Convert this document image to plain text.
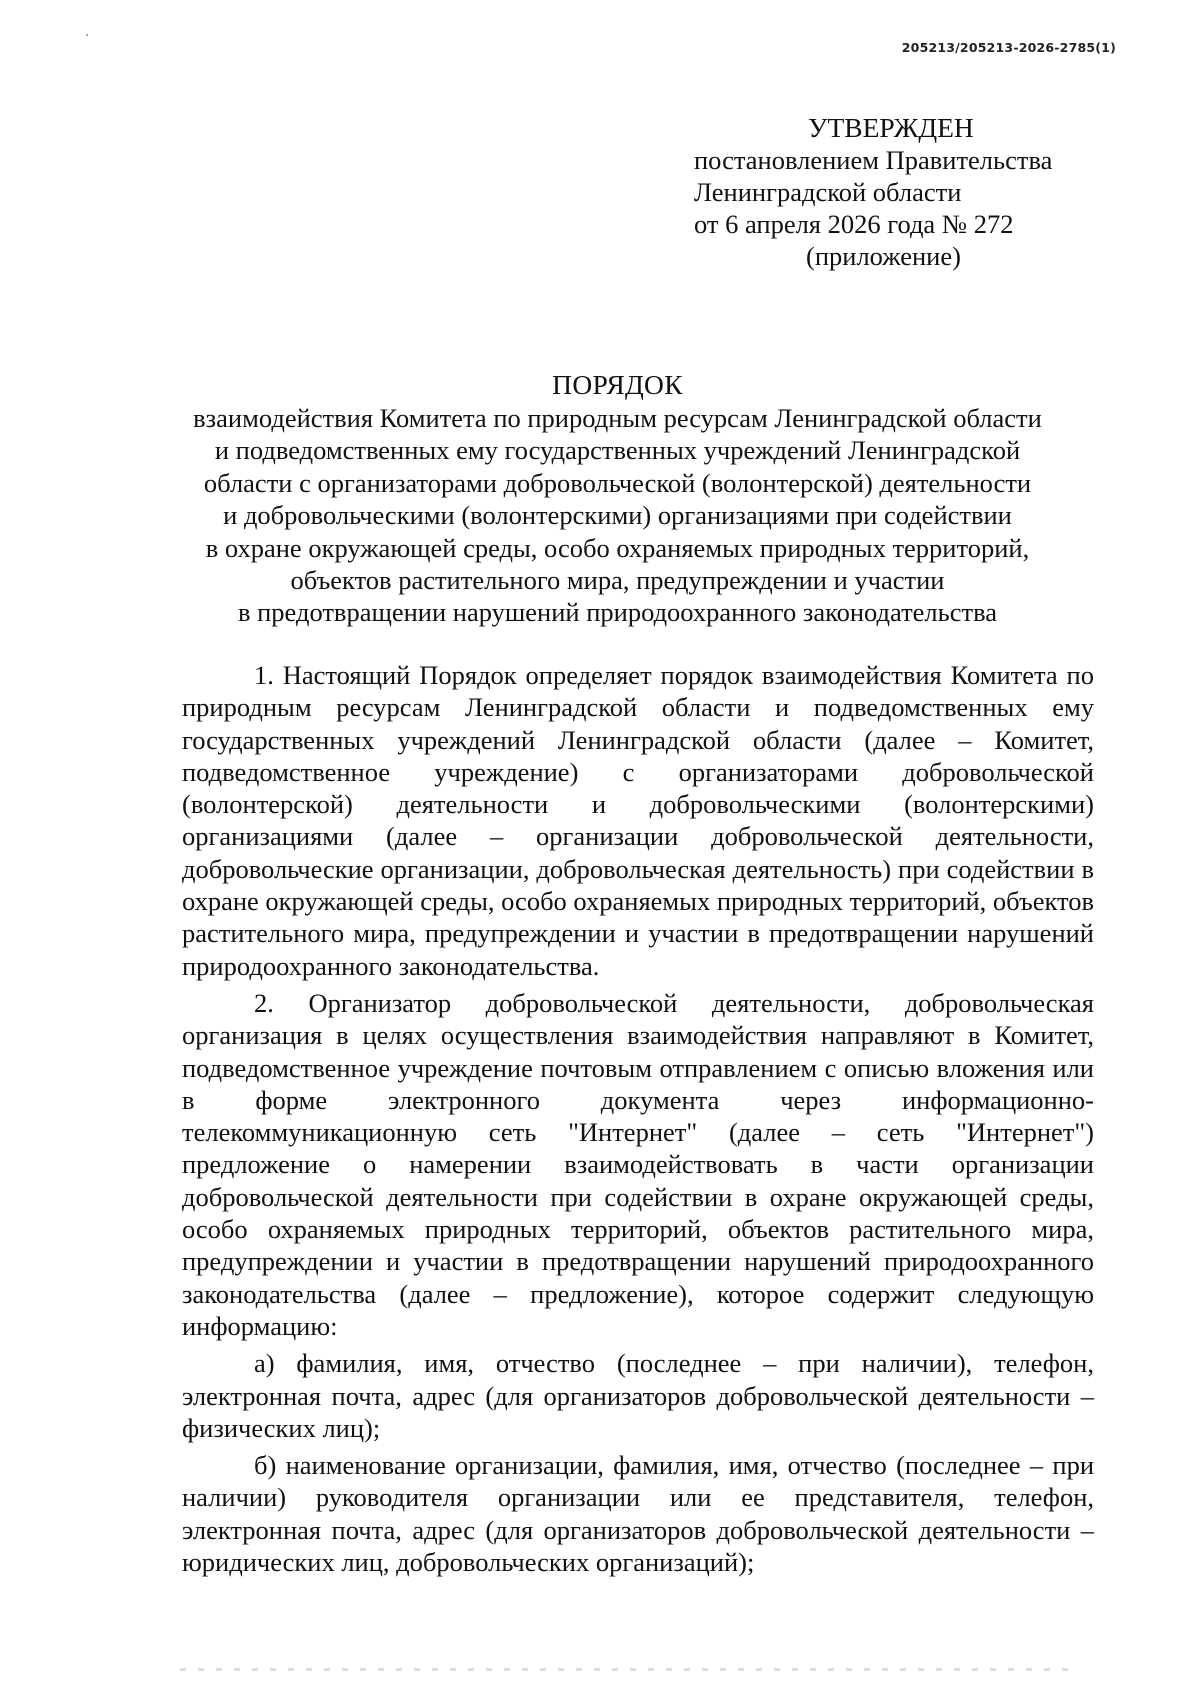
205213/205213-2026-2785(1)
УТВЕРЖДЕН
постановлением Правительства
Ленинградской области
от 6 апреля 2026 года № 272
(приложение)
ПОРЯДОК
взаимодействия Комитета по природным ресурсам Ленинградской области
и подведомственных ему государственных учреждений Ленинградской
области с организаторами добровольческой (волонтерской) деятельности
и добровольческими (волонтерскими) организациями при содействии
в охране окружающей среды, особо охраняемых природных территорий,
объектов растительного мира, предупреждении и участии
в предотвращении нарушений природоохранного законодательства

1. Настоящий Порядок определяет порядок взаимодействия Комитета по природным ресурсам Ленинградской области и подведомственных ему государственных учреждений Ленинградской области (далее – Комитет, подведомственное учреждение) с организаторами добровольческой (волонтерской) деятельности и добровольческими (волонтерскими) организациями (далее – организации добровольческой деятельности, добровольческие организации, добровольческая деятельность) при содействии в охране окружающей среды, особо охраняемых природных территорий, объектов растительного мира, предупреждении и участии в предотвращении нарушений природоохранного законодательства.

2. Организатор добровольческой деятельности, добровольческая организация в целях осуществления взаимодействия направляют в Комитет, подведомственное учреждение почтовым отправлением с описью вложения или в форме электронного документа через информационно-телекоммуникационную сеть "Интернет" (далее – сеть "Интернет") предложение о намерении взаимодействовать в части организации добровольческой деятельности при содействии в охране окружающей среды, особо охраняемых природных территорий, объектов растительного мира, предупреждении и участии в предотвращении нарушений природоохранного законодательства (далее – предложение), которое содержит следующую информацию:

а) фамилия, имя, отчество (последнее – при наличии), телефон, электронная почта, адрес (для организаторов добровольческой деятельности – физических лиц);

б) наименование организации, фамилия, имя, отчество (последнее – при наличии) руководителя организации или ее представителя, телефон, электронная почта, адрес (для организаторов добровольческой деятельности – юридических лиц, добровольческих организаций);
